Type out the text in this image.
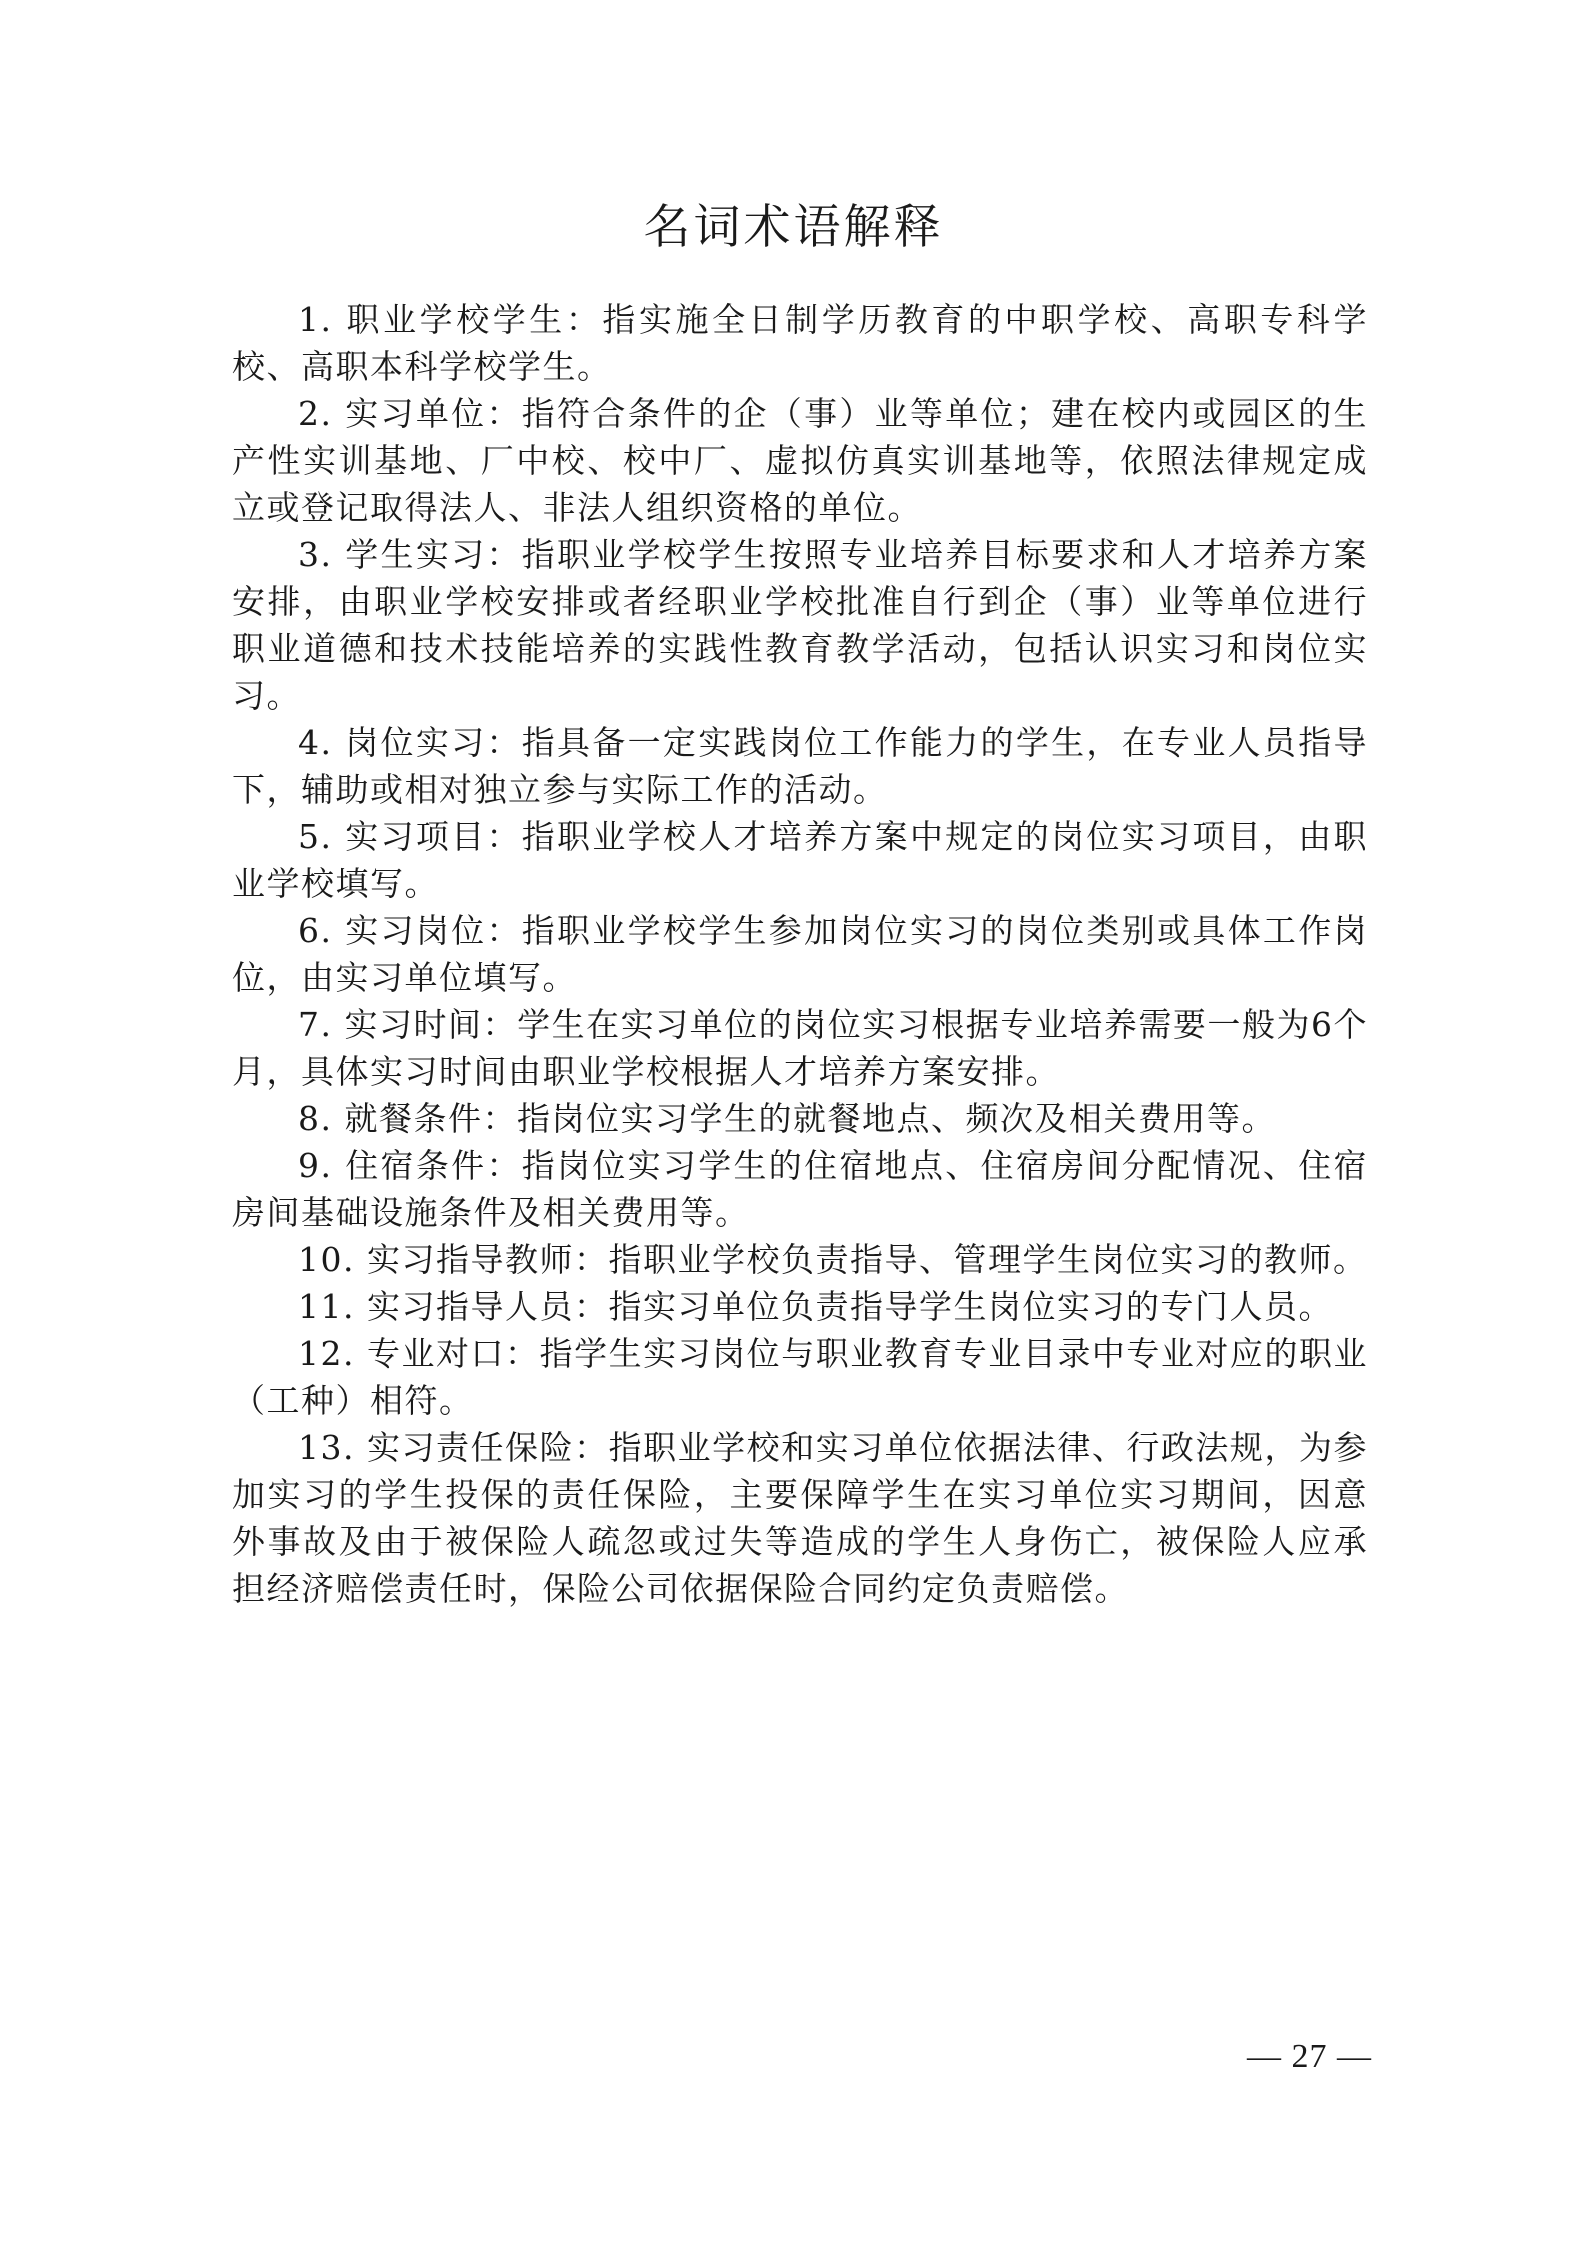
名词术语解释

1. 职业学校学生：指实施全日制学历教育的中职学校、高职专科学校、高职本科学校学生。

2. 实习单位：指符合条件的企（事）业等单位；建在校内或园区的生产性实训基地、厂中校、校中厂、虚拟仿真实训基地等，依照法律规定成立或登记取得法人、非法人组织资格的单位。

3. 学生实习：指职业学校学生按照专业培养目标要求和人才培养方案安排，由职业学校安排或者经职业学校批准自行到企（事）业等单位进行职业道德和技术技能培养的实践性教育教学活动，包括认识实习和岗位实习。

4. 岗位实习：指具备一定实践岗位工作能力的学生，在专业人员指导下，辅助或相对独立参与实际工作的活动。

5. 实习项目：指职业学校人才培养方案中规定的岗位实习项目，由职业学校填写。

6. 实习岗位：指职业学校学生参加岗位实习的岗位类别或具体工作岗位，由实习单位填写。

7. 实习时间：学生在实习单位的岗位实习根据专业培养需要一般为6个月，具体实习时间由职业学校根据人才培养方案安排。

8. 就餐条件：指岗位实习学生的就餐地点、频次及相关费用等。

9. 住宿条件：指岗位实习学生的住宿地点、住宿房间分配情况、住宿房间基础设施条件及相关费用等。

10. 实习指导教师：指职业学校负责指导、管理学生岗位实习的教师。

11. 实习指导人员：指实习单位负责指导学生岗位实习的专门人员。

12. 专业对口：指学生实习岗位与职业教育专业目录中专业对应的职业（工种）相符。

13. 实习责任保险：指职业学校和实习单位依据法律、行政法规，为参加实习的学生投保的责任保险，主要保障学生在实习单位实习期间，因意外事故及由于被保险人疏忽或过失等造成的学生人身伤亡，被保险人应承担经济赔偿责任时，保险公司依据保险合同约定负责赔偿。

— 27 —
